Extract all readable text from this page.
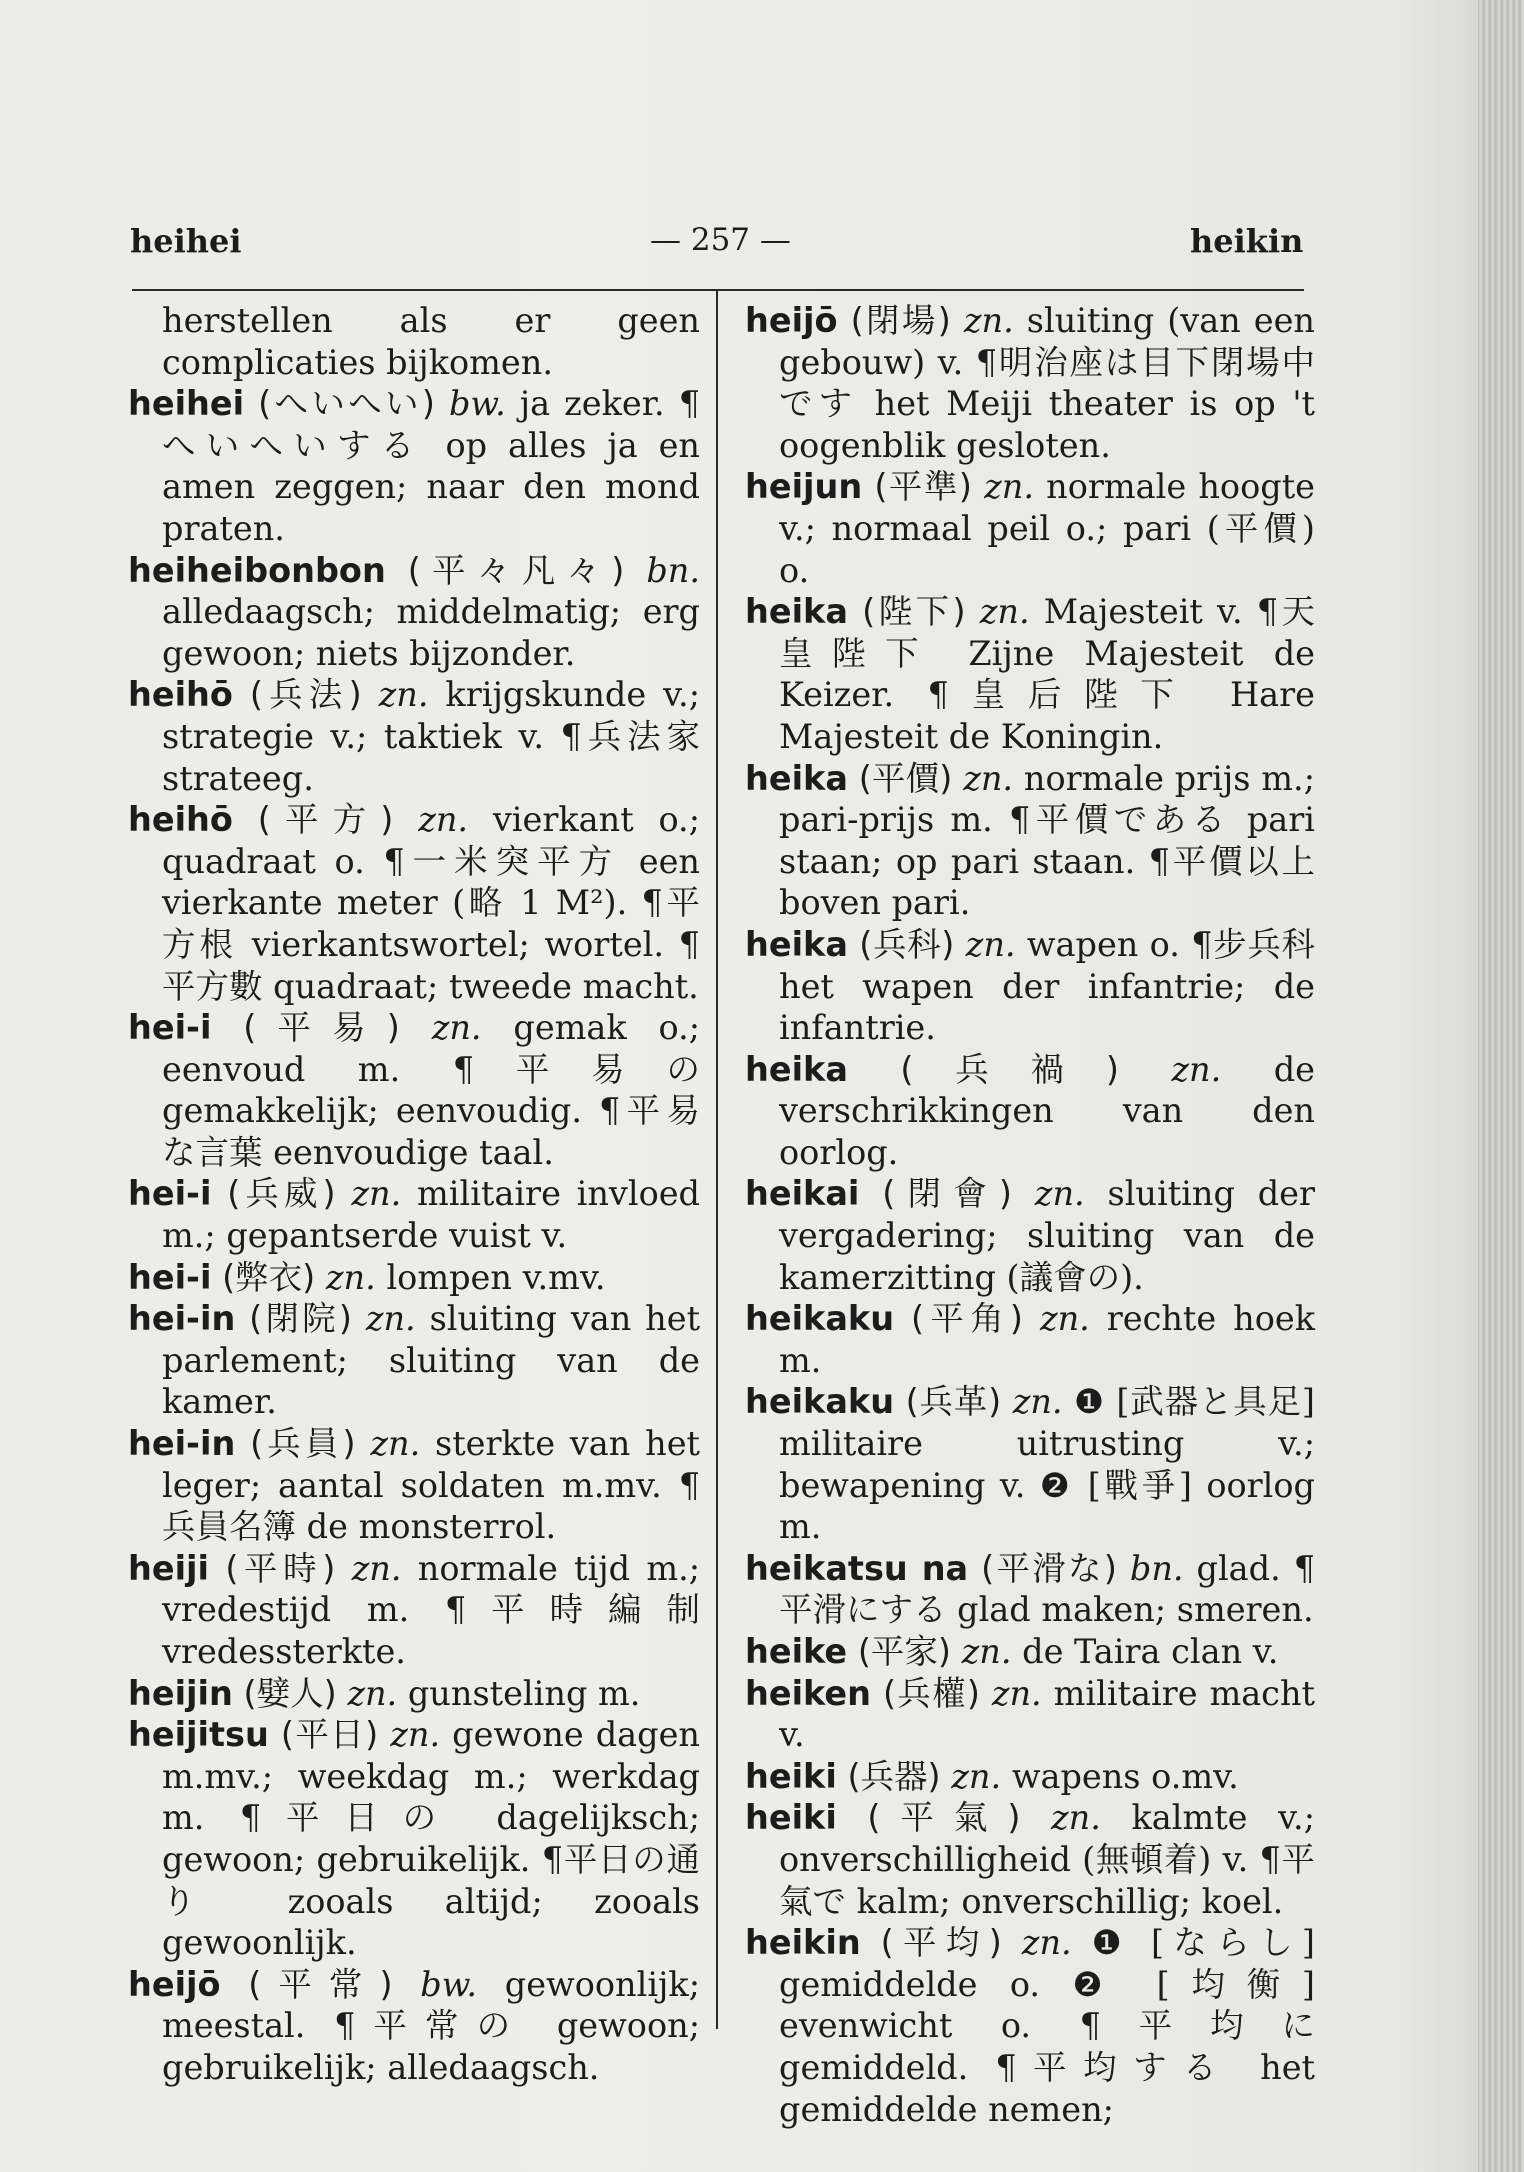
heihei	— 257 —	heikin
herstellen als er geen complicaties bijkomen.
heihei (へいへい) bw. ja zeker. ¶へいへいする op alles ja en amen zeggen; naar den mond praten.
heiheibonbon (平々凡々) bn. alledaagsch; middelmatig; erg gewoon; niets bijzonder.
heihō (兵法) zn. krijgskunde v.; strategie v.; taktiek v. ¶兵法家 strateeg.
heihō (平方) zn. vierkant o.; quadraat o. ¶一米突平方 een vierkante meter (略 1 M²). ¶平方根 vierkantswortel; wortel. ¶平方數 quadraat; tweede macht.
hei-i (平易) zn. gemak o.; eenvoud m. ¶平易の gemakkelijk; eenvoudig. ¶平易な言葉 eenvoudige taal.
hei-i (兵威) zn. militaire invloed m.; gepantserde vuist v.
hei-i (弊衣) zn. lompen v.mv.
hei-in (閉院) zn. sluiting van het parlement; sluiting van de kamer.
hei-in (兵員) zn. sterkte van het leger; aantal soldaten m.mv. ¶兵員名簿 de monsterrol.
heiji (平時) zn. normale tijd m.; vredestijd m. ¶平時編制 vredessterkte.
heijin (嬖人) zn. gunsteling m.
heijitsu (平日) zn. gewone dagen m.mv.; weekdag m.; werkdag m. ¶平日の dagelijksch; gewoon; gebruikelijk. ¶平日の通り zooals altijd; zooals gewoonlijk.
heijō (平常) bw. gewoonlijk; meestal. ¶平常の gewoon; gebruikelijk; alledaagsch.
heijō (閉場) zn. sluiting (van een gebouw) v. ¶明治座は目下閉場中です het Meiji theater is op 't oogenblik gesloten.
heijun (平準) zn. normale hoogte v.; normaal peil o.; pari (平價) o.
heika (陛下) zn. Majesteit v. ¶天皇陛下 Zijne Majesteit de Keizer. ¶皇后陛下 Hare Majesteit de Koningin.
heika (平價) zn. normale prijs m.; pari-prijs m. ¶平價である pari staan; op pari staan. ¶平價以上 boven pari.
heika (兵科) zn. wapen o. ¶步兵科 het wapen der infantrie; de infantrie.
heika (兵禍) zn. de verschrikkingen van den oorlog.
heikai (閉會) zn. sluiting der vergadering; sluiting van de kamerzitting (議會の).
heikaku (平角) zn. rechte hoek m.
heikaku (兵革) zn. ❶ [武器と具足] militaire uitrusting v.; bewapening v. ❷ [戰爭] oorlog m.
heikatsu na (平滑な) bn. glad. ¶平滑にする glad maken; smeren.
heike (平家) zn. de Taira clan v.
heiken (兵權) zn. militaire macht v.
heiki (兵器) zn. wapens o.mv.
heiki (平氣) zn. kalmte v.; onverschilligheid (無頓着) v. ¶平氣で kalm; onverschillig; koel.
heikin (平均) zn. ❶ [ならし] gemiddelde o. ❷ [均衡] evenwicht o. ¶平均に gemiddeld. ¶平均する het gemiddelde nemen;
